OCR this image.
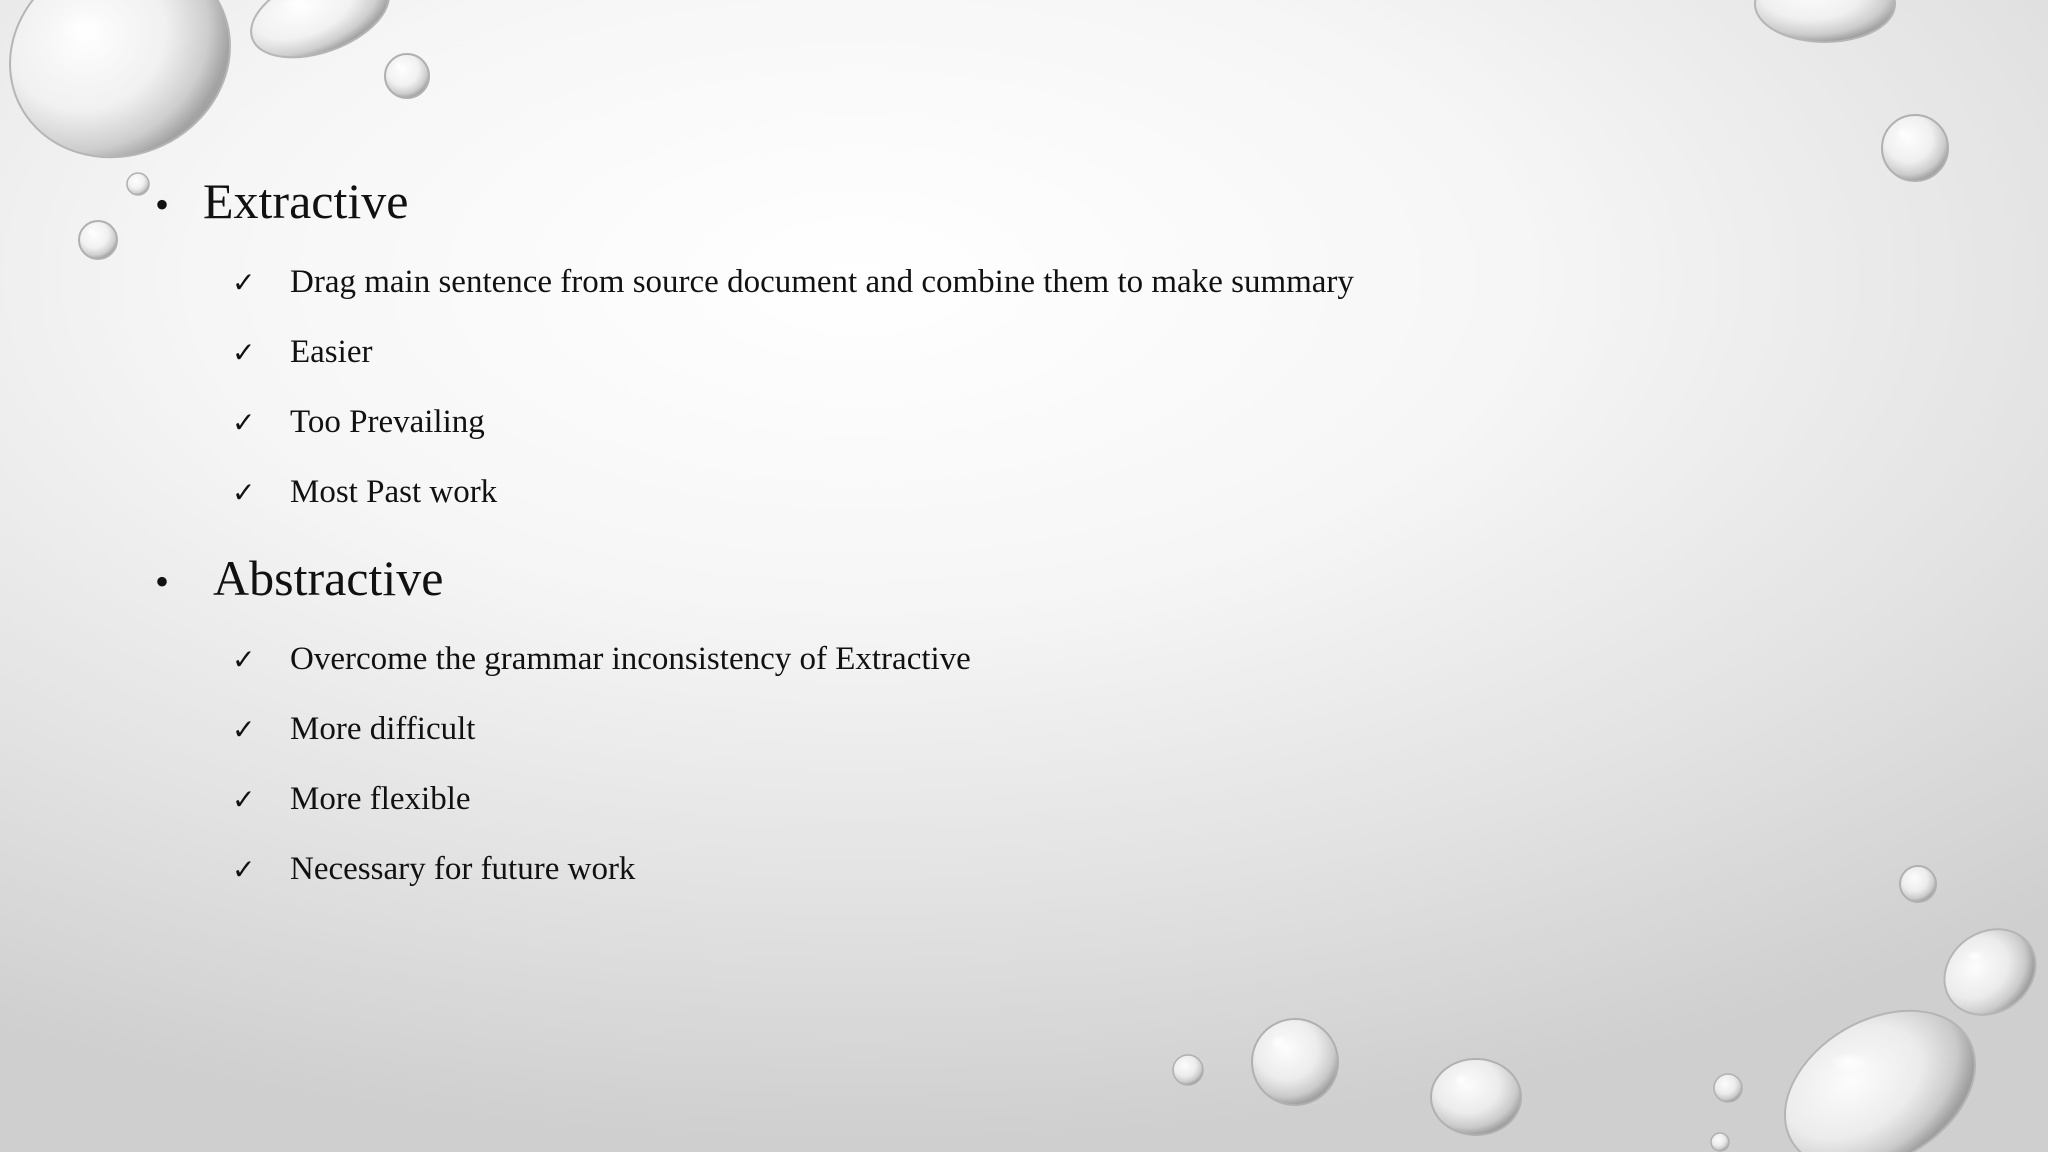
• Extractive
✓	Drag main sentence from source document and combine them to make summary
✓	Easier
✓	Too Prevailing
✓	Most Past work
• Abstractive
✓	Overcome the grammar inconsistency of Extractive
✓	More difficult
✓	More flexible
✓	Necessary for future work
